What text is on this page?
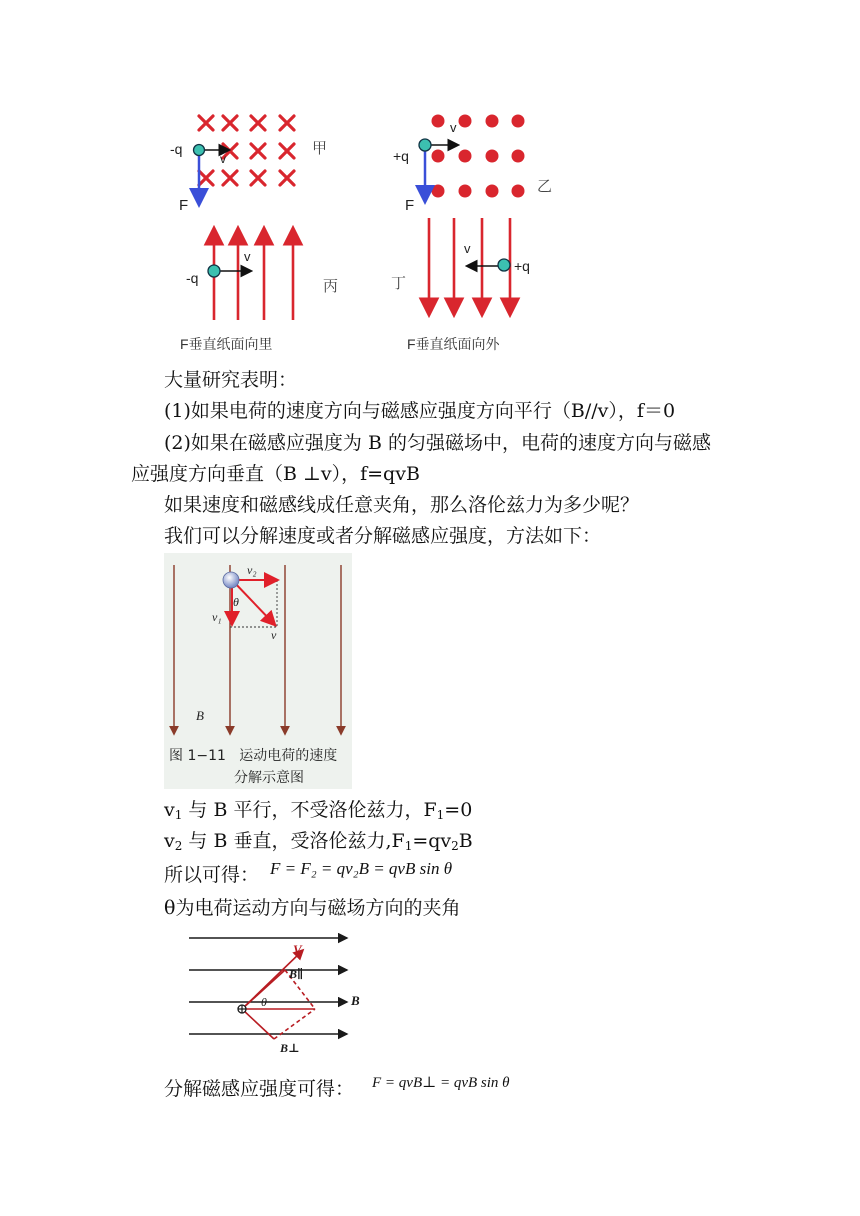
-q
v
F
甲
v
+q
F
乙
v
-q	丙
F垂直纸面向里
v
+q
丁
F垂直纸面向外
大量研究表明：
(1)如果电荷的速度方向与磁感应强度方向平行（B//v），f＝0
(2)如果在磁感应强度为 B 的匀强磁场中，电荷的速度方向与磁感
应强度方向垂直（B ⊥v），f=qvB
如果速度和磁感线成任意夹角，那么洛伦兹力为多少呢？
我们可以分解速度或者分解磁感应强度，方法如下：
v₂
v₁
v
θ
B
图 1−11   运动电荷的速度
分解示意图
$v_1$ 与 B 平行，不受洛伦兹力，$F_1=0$
$v_2$ 与 B 垂直，受洛伦兹力$,F_1=qv_2B$
所以可得： F = F₂ = qv₂B = qvB sin θ
θ为电荷运动方向与磁场方向的夹角
V
B∥
θ	B
B⊥
分解磁感应强度可得： F = qvB⊥ = qvB sin θ
